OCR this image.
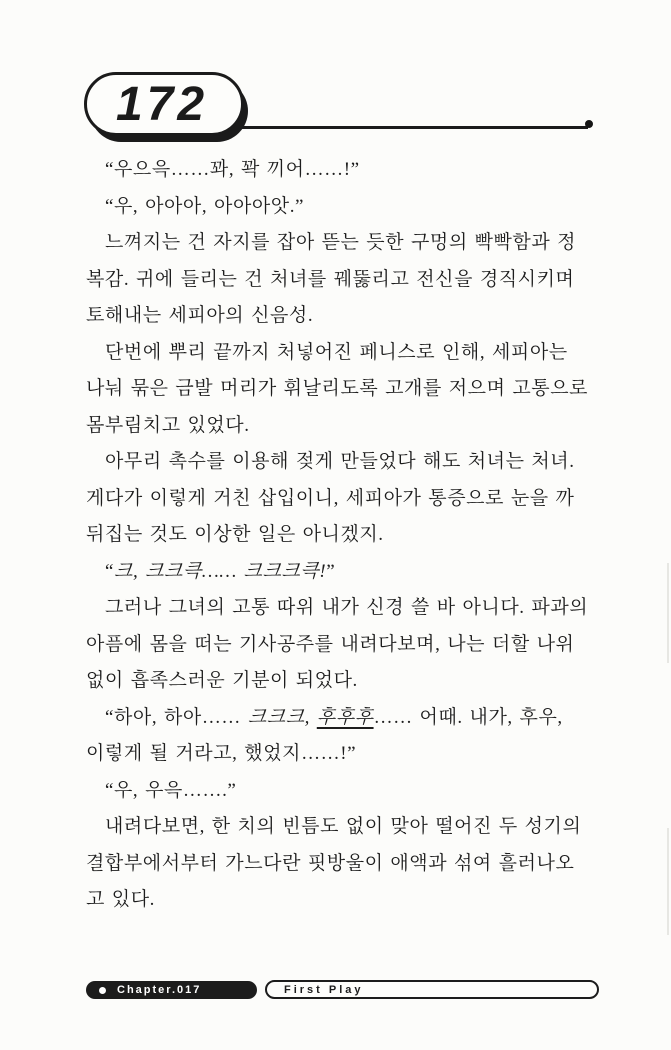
172
“우으윽……꽈, 꽉 끼어……!”
“우, 아아아, 아아아앗.”
느껴지는 건 자지를 잡아 뜯는 듯한 구멍의 빡빡함과 정
복감. 귀에 들리는 건 처녀를 꿰뚫리고 전신을 경직시키며
토해내는 세피아의 신음성.
단번에 뿌리 끝까지 처넣어진 페니스로 인해, 세피아는
나눠 묶은 금발 머리가 휘날리도록 고개를 저으며 고통으로
몸부림치고 있었다.
아무리 촉수를 이용해 젖게 만들었다 해도 처녀는 처녀.
게다가 이렇게 거친 삽입이니, 세피아가 통증으로 눈을 까
뒤집는 것도 이상한 일은 아니겠지.
“크, 크크큭…… 크크크큭!”
그러나 그녀의 고통 따위 내가 신경 쓸 바 아니다. 파과의
아픔에 몸을 떠는 기사공주를 내려다보며, 나는 더할 나위
없이 흡족스러운 기분이 되었다.
“하아, 하아…… 크크크, 후후후…… 어때. 내가, 후우,
이렇게 될 거라고, 했었지……!”
“우, 우윽…….”
내려다보면, 한 치의 빈틈도 없이 맞아 떨어진 두 성기의
결합부에서부터 가느다란 핏방울이 애액과 섞여 흘러나오
고 있다.
Chapter.017	First Play
